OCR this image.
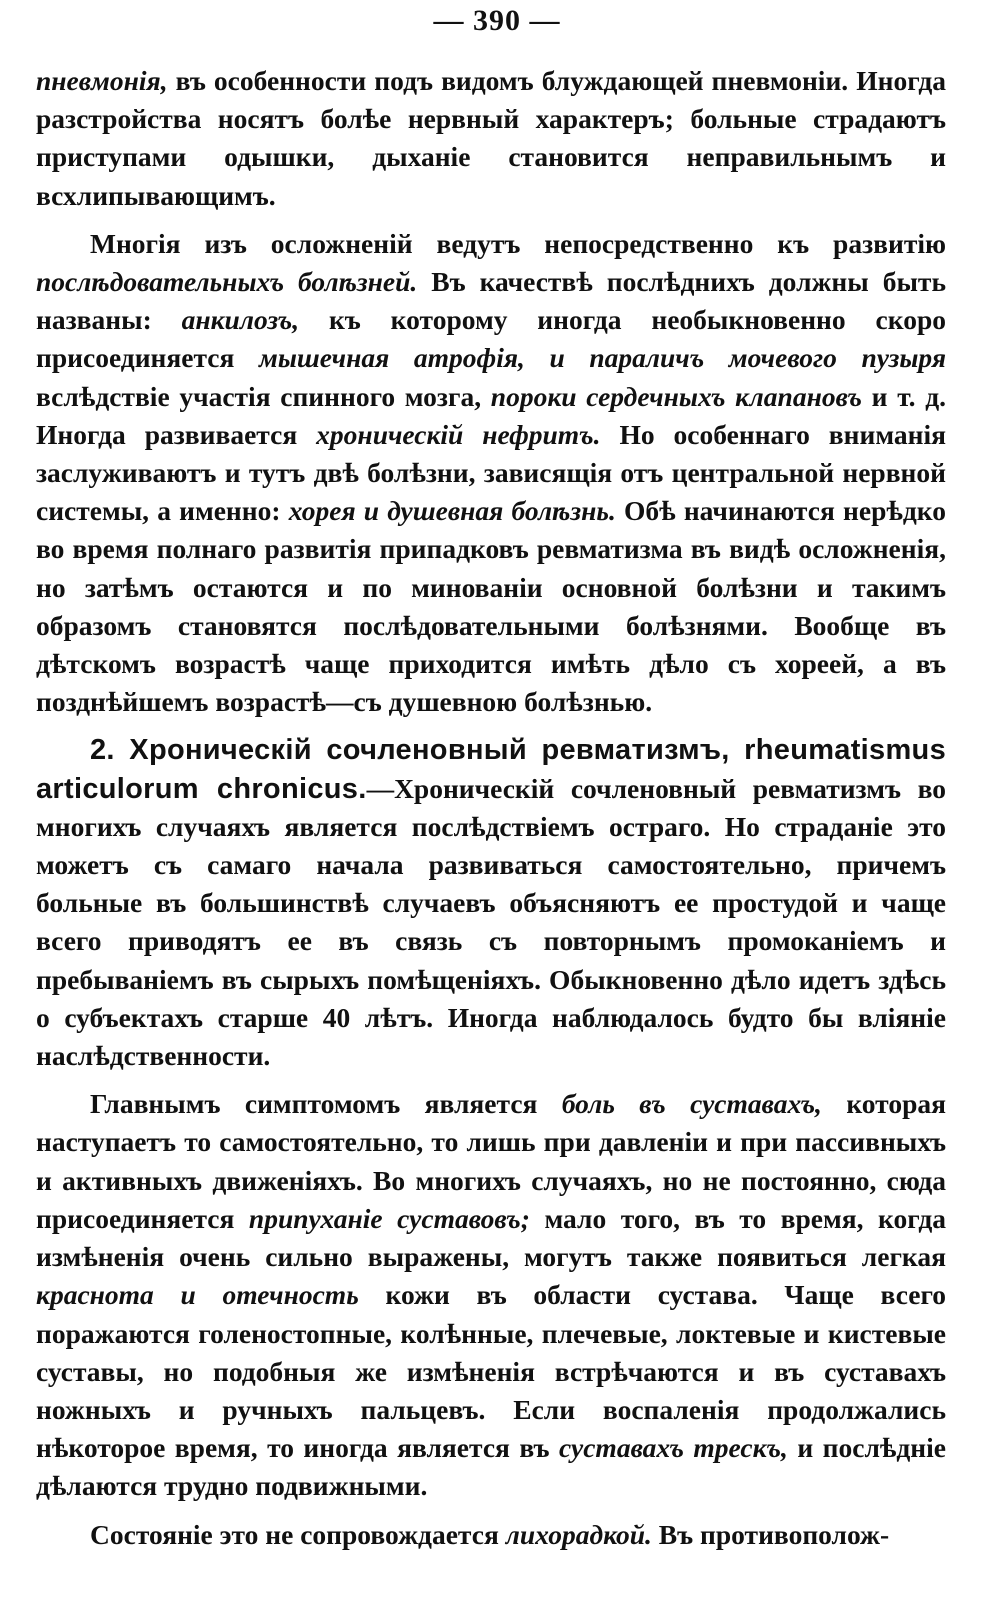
— 390 —

пневмонія, въ особенности подъ видомъ блуждающей пневмоніи. Иногда разстройства носятъ болѣе нервный характеръ; больные страдаютъ приступами одышки, дыханіе становится неправильнымъ и всхлипывающимъ.

Многія изъ осложненій ведутъ непосредственно къ развитію послѣдовательныхъ болѣзней. Въ качествѣ послѣднихъ должны быть названы: анкилозъ, къ которому иногда необыкновенно скоро присоединяется мышечная атрофія, и параличъ мочевого пузыря вслѣдствіе участія спинного мозга, пороки сердечныхъ клапановъ и т. д. Иногда развивается хроническій нефритъ. Но особеннаго вниманія заслуживаютъ и тутъ двѣ болѣзни, зависящія отъ центральной нервной системы, а именно: хорея и душевная болѣзнь. Обѣ начинаются нерѣдко во время полнаго развитія припадковъ ревматизма въ видѣ осложненія, но затѣмъ остаются и по минованіи основной болѣзни и такимъ образомъ становятся послѣдовательными болѣзнями. Вообще въ дѣтскомъ возрастѣ чаще приходится имѣть дѣло съ хореей, а въ позднѣйшемъ возрастѣ—съ душевною болѣзнью.

2. Хроническій сочленовный ревматизмъ, rheumatismus articulorum chronicus.—Хроническій сочленовный ревматизмъ во многихъ случаяхъ является послѣдствіемъ остраго. Но страданіе это можетъ съ самаго начала развиваться самостоятельно, причемъ больные въ большинствѣ случаевъ объясняютъ ее простудой и чаще всего приводятъ ее въ связь съ повторнымъ промоканіемъ и пребываніемъ въ сырыхъ помѣщеніяхъ. Обыкновенно дѣло идетъ здѣсь о субъектахъ старше 40 лѣтъ. Иногда наблюдалось будто бы вліяніе наслѣдственности.

Главнымъ симптомомъ является боль въ суставахъ, которая наступаетъ то самостоятельно, то лишь при давленіи и при пассивныхъ и активныхъ движеніяхъ. Во многихъ случаяхъ, но не постоянно, сюда присоединяется припуханіе суставовъ; мало того, въ то время, когда измѣненія очень сильно выражены, могутъ также появиться легкая краснота и отечность кожи въ области сустава. Чаще всего поражаются голеностопные, колѣнные, плечевые, локтевые и кистевые суставы, но подобныя же измѣненія встрѣчаются и въ суставахъ ножныхъ и ручныхъ пальцевъ. Если воспаленія продолжались нѣкоторое время, то иногда является въ суставахъ трескъ, и послѣдніе дѣлаются трудно подвижными.

Состояніе это не сопровождается лихорадкой. Въ противополож-
